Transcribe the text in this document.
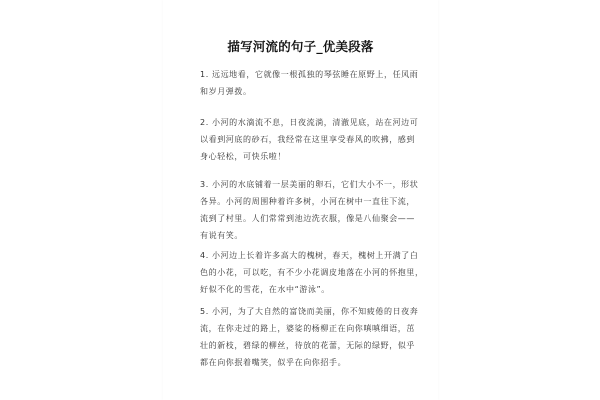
描写河流的句子_优美段落
1. 远远地看，它就像一根孤独的琴弦睡在原野上，任风雨
和岁月弹拨。
2. 小河的水滴流不息，日夜流淌，清澈见底，站在河边可
以看到河底的砂石，我经常在这里享受春风的吹拂，感到
身心轻松，可快乐啦！
3. 小河的水底铺着一层美丽的卵石，它们大小不一，形状
各异。小河的周围种着许多树，小河在树中一直往下流，
流到了村里。人们常常到池边洗衣服，像是八仙聚会——
有说有笑。
4. 小河边上长着许多高大的槐树，春天，槐树上开满了白
色的小花，可以吃，有不少小花调皮地落在小河的怀抱里，
好似不化的雪花，在水中“游泳”。
5. 小河，为了大自然的富饶而美丽，你不知疲倦的日夜奔
流，在你走过的路上，婆娑的杨柳正在向你嗔嗔细语，茁
壮的新枝，碧绿的柳丝，待放的花蕾，无际的绿野，似乎
都在向你抿着嘴笑，似乎在向你招手。
